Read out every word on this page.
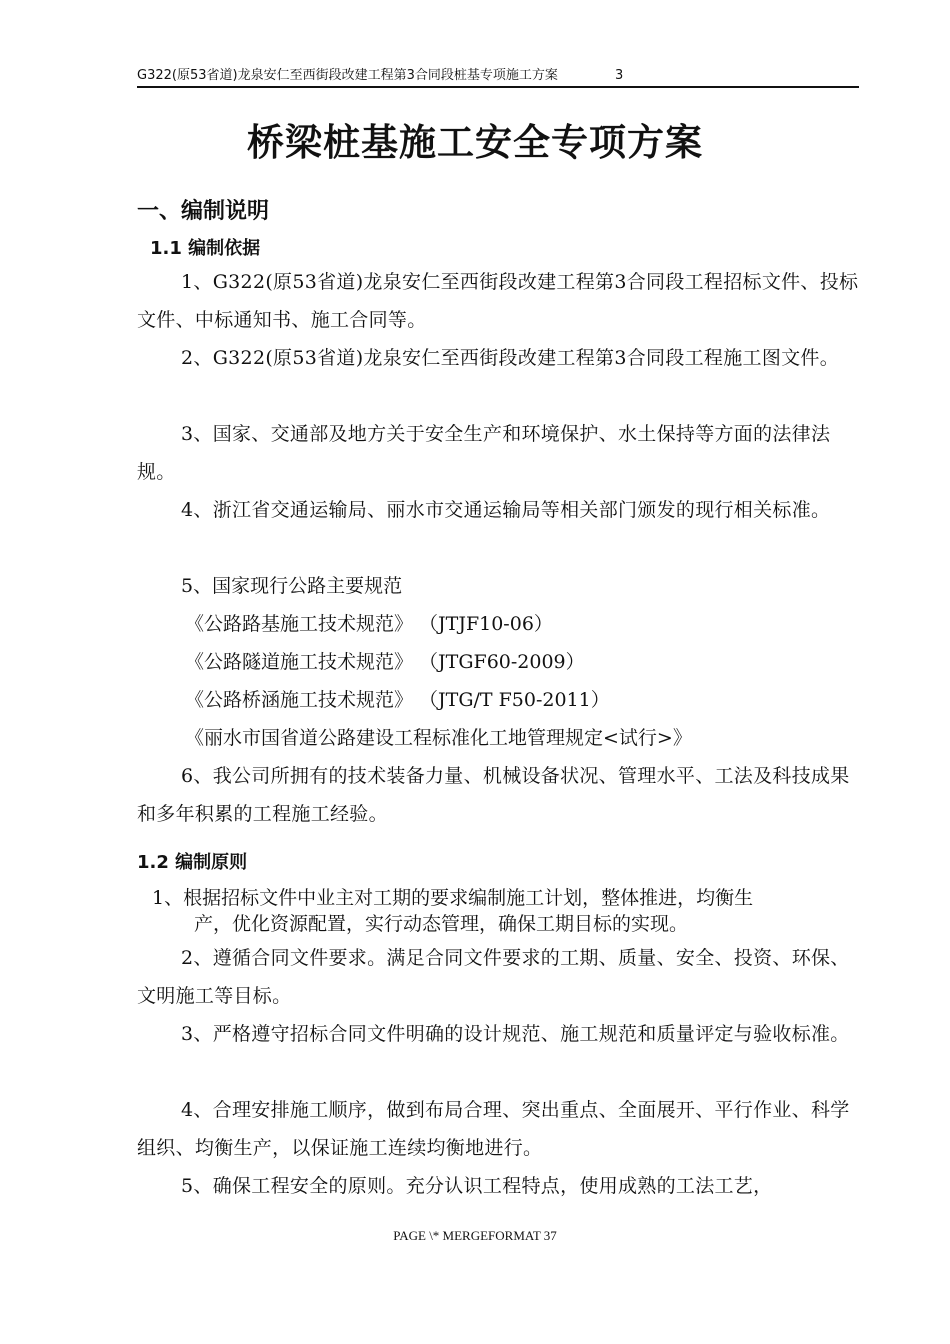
G322(原53省道)龙泉安仁至西街段改建工程第3合同段桩基专项施工方案	3
桥梁桩基施工安全专项方案
一、编制说明
1.1 编制依据
1、G322(原53省道)龙泉安仁至西街段改建工程第3合同段工程招标文件、投标文件、中标通知书、施工合同等。
2、G322(原53省道)龙泉安仁至西街段改建工程第3合同段工程施工图文件。
3、国家、交通部及地方关于安全生产和环境保护、水土保持等方面的法律法规。
4、浙江省交通运输局、丽水市交通运输局等相关部门颁发的现行相关标准。
5、国家现行公路主要规范
《公路路基施工技术规范》 （JTJF10-06）
《公路隧道施工技术规范》 （JTGF60-2009）
《公路桥涵施工技术规范》 （JTG/T F50-2011）
《丽水市国省道公路建设工程标准化工地管理规定<试行>》
6、我公司所拥有的技术装备力量、机械设备状况、管理水平、工法及科技成果和多年积累的工程施工经验。
1.2 编制原则
1、根据招标文件中业主对工期的要求编制施工计划，整体推进，均衡生
产，优化资源配置，实行动态管理，确保工期目标的实现。
2、遵循合同文件要求。满足合同文件要求的工期、质量、安全、投资、环保、文明施工等目标。
3、严格遵守招标合同文件明确的设计规范、施工规范和质量评定与验收标准。
4、合理安排施工顺序，做到布局合理、突出重点、全面展开、平行作业、科学组织、均衡生产，以保证施工连续均衡地进行。
5、确保工程安全的原则。充分认识工程特点，使用成熟的工法工艺，
PAGE \* MERGEFORMAT 37
